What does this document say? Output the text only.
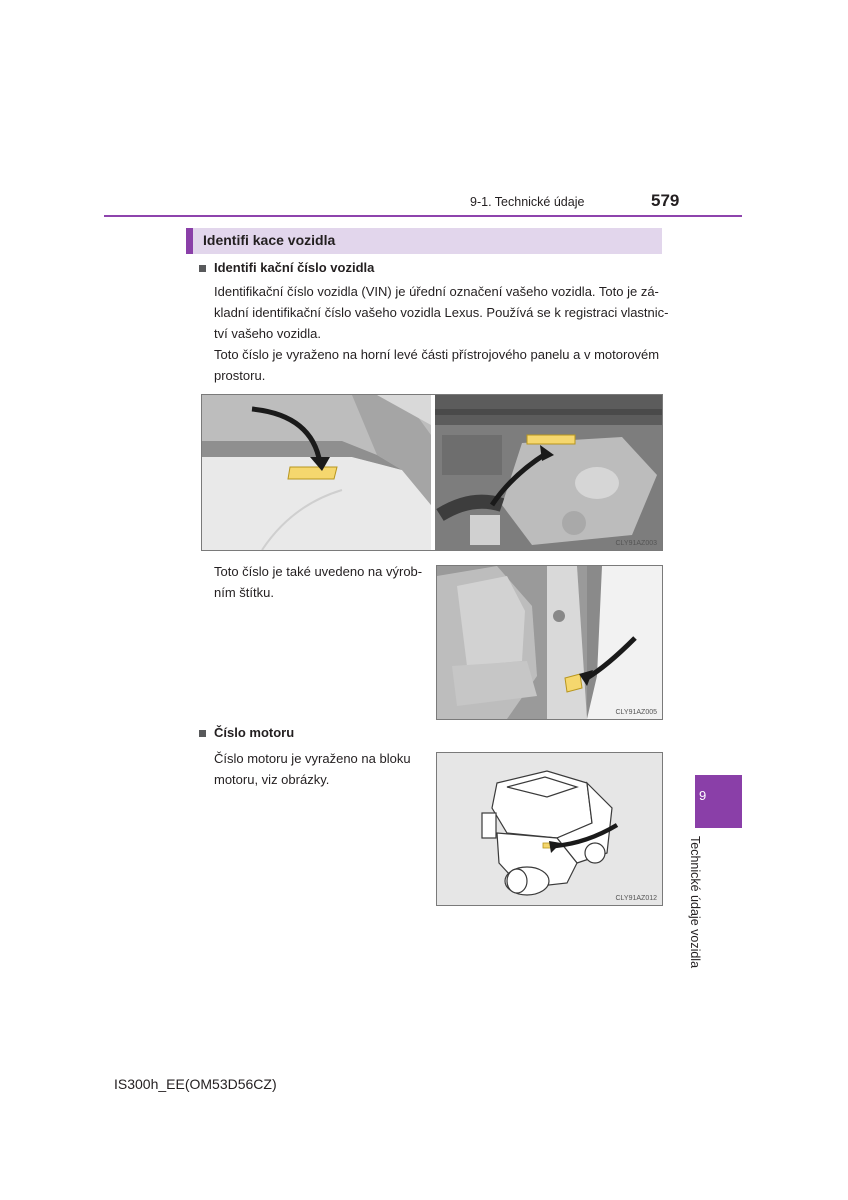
9-1. Technické údaje	579
Identifi kace vozidla
Identifi kační číslo vozidla
Identifikační číslo vozidla (VIN) je úřední označení vašeho vozidla. Toto je zá-
kladní identifikační číslo vašeho vozidla Lexus. Používá se k registraci vlastnic-
tví vašeho vozidla.
Toto číslo je vyraženo na horní levé části přístrojového panelu a v motorovém
prostoru.
CLY91AZ003
Toto číslo je také uvedeno na výrob-
ním štítku.
CLY91AZ005
Číslo motoru
Číslo motoru je vyraženo na bloku
motoru, viz obrázky.
CLY91AZ012
9
Technické údaje vozidla
IS300h_EE(OM53D56CZ)
